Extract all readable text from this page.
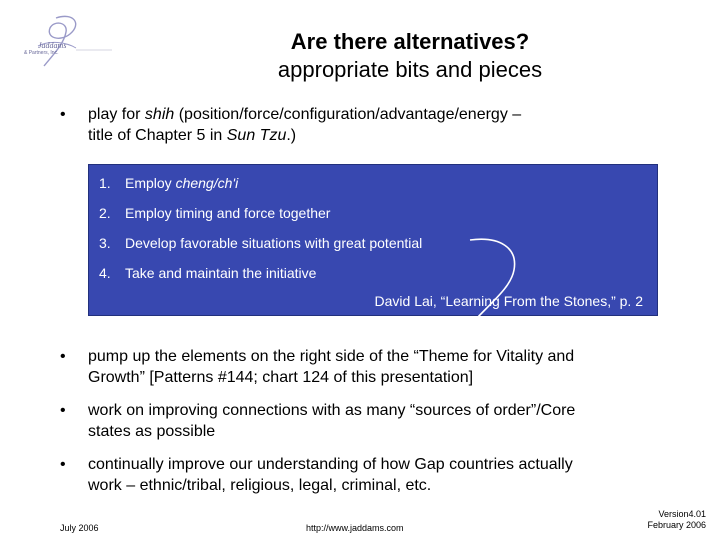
Jaddams
& Partners, Inc.	Are there alternatives?
appropriate bits and pieces
• play for shih (position/force/configuration/advantage/energy –
title of Chapter 5 in Sun Tzu.)
1. Employ cheng/ch'i
2. Employ timing and force together
3. Develop favorable situations with great potential
4. Take and maintain the initiative
David Lai, “Learning From the Stones,” p. 2
• pump up the elements on the right side of the “Theme for Vitality and
Growth” [Patterns #144; chart 124 of this presentation]
• work on improving connections with as many “sources of order”/Core
states as possible
• continually improve our understanding of how Gap countries actually
work – ethnic/tribal, religious, legal, criminal, etc.
July 2006	http://www.jaddams.com
Version4.01
February 2006
